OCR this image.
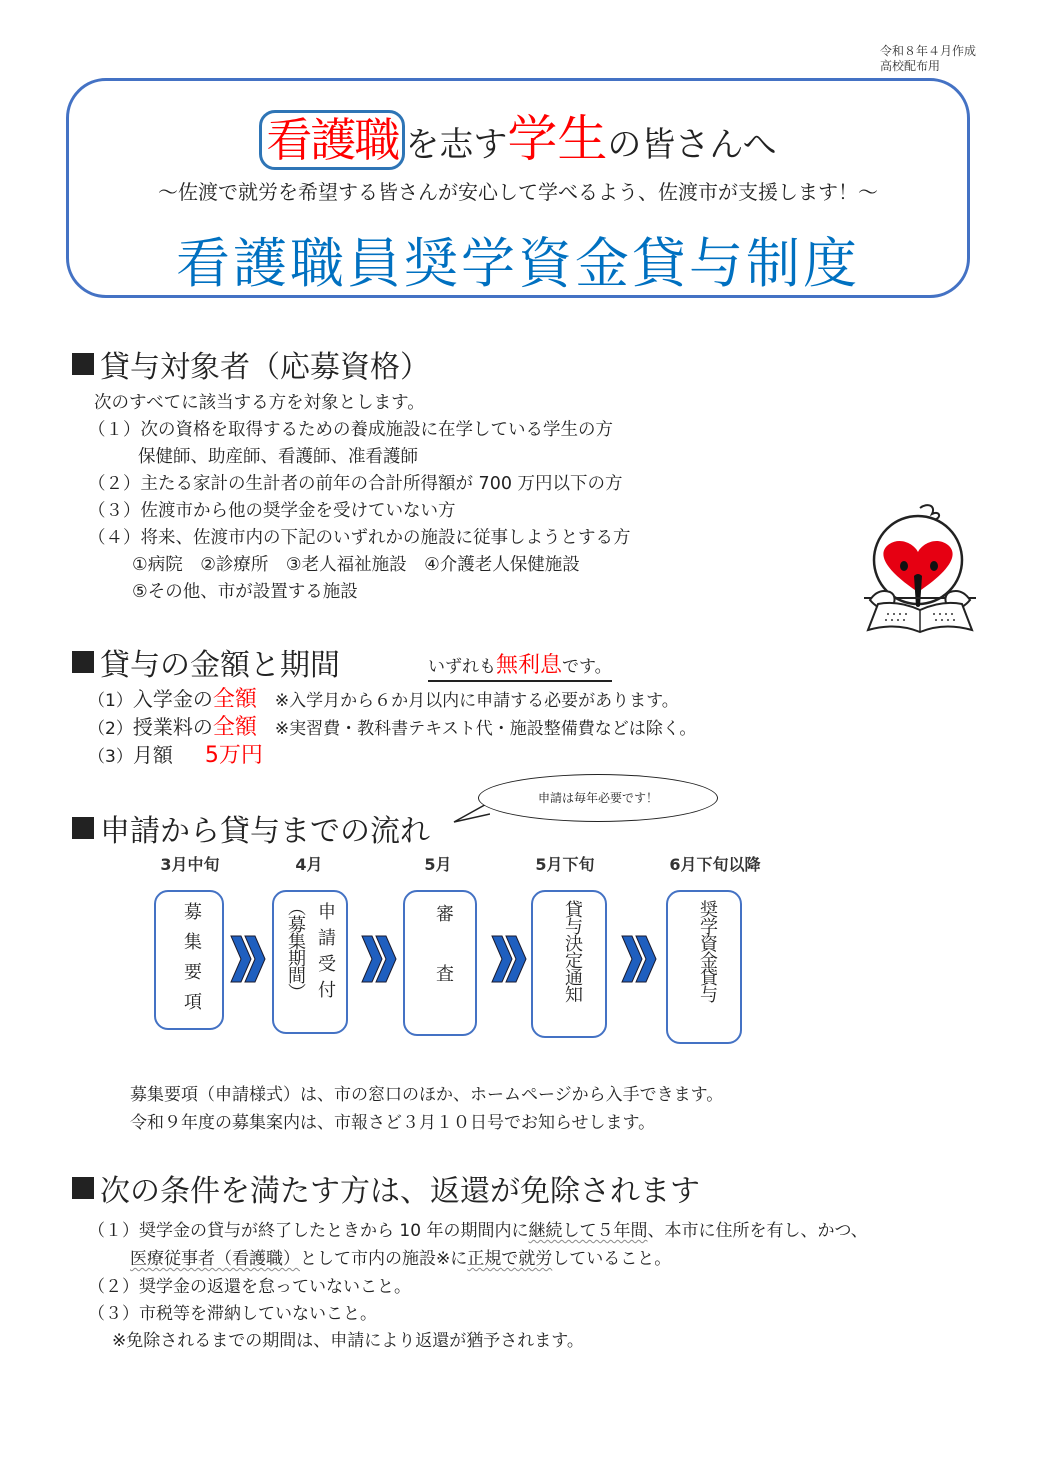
令和８年４月作成
高校配布用
看護職 を志す学生の皆さんへ
～佐渡で就労を希望する皆さんが安心して学べるよう、佐渡市が支援します！～
看護職員奨学資金貸与制度
貸与対象者（応募資格）
次のすべてに該当する方を対象とします。
（１）次の資格を取得するための養成施設に在学している学生の方
保健師、助産師、看護師、准看護師
（２）主たる家計の生計者の前年の合計所得額が 700 万円以下の方
（３）佐渡市から他の奨学金を受けていない方
（４）将来、佐渡市内の下記のいずれかの施設に従事しようとする方
①病院　②診療所　③老人福祉施設　④介護老人保健施設
⑤その他、市が設置する施設
貸与の金額と期間	いずれも無利息です。
（1）入学金の全額 ※入学月から６か月以内に申請する必要があります。
（2）授業料の全額 ※実習費・教科書テキスト代・施設整備費などは除く。
（3）月額　5万円
申請から貸与までの流れ
申請は毎年必要です！
3月中旬	4月	5月	5月下旬	6月下旬以降
募集要項	申請受付
（募集期間）	審　査	貸与決定通知	奨学資金貸与
募集要項（申請様式）は、市の窓口のほか、ホームページから入手できます。
令和９年度の募集案内は、市報さど３月１０日号でお知らせします。
次の条件を満たす方は、返還が免除されます
（１）奨学金の貸与が終了したときから 10 年の期間内に継続して５年間、本市に住所を有し、かつ、
医療従事者（看護職）として市内の施設※に正規で就労していること。
（２）奨学金の返還を怠っていないこと。
（３）市税等を滞納していないこと。
※免除されるまでの期間は、申請により返還が猶予されます。
